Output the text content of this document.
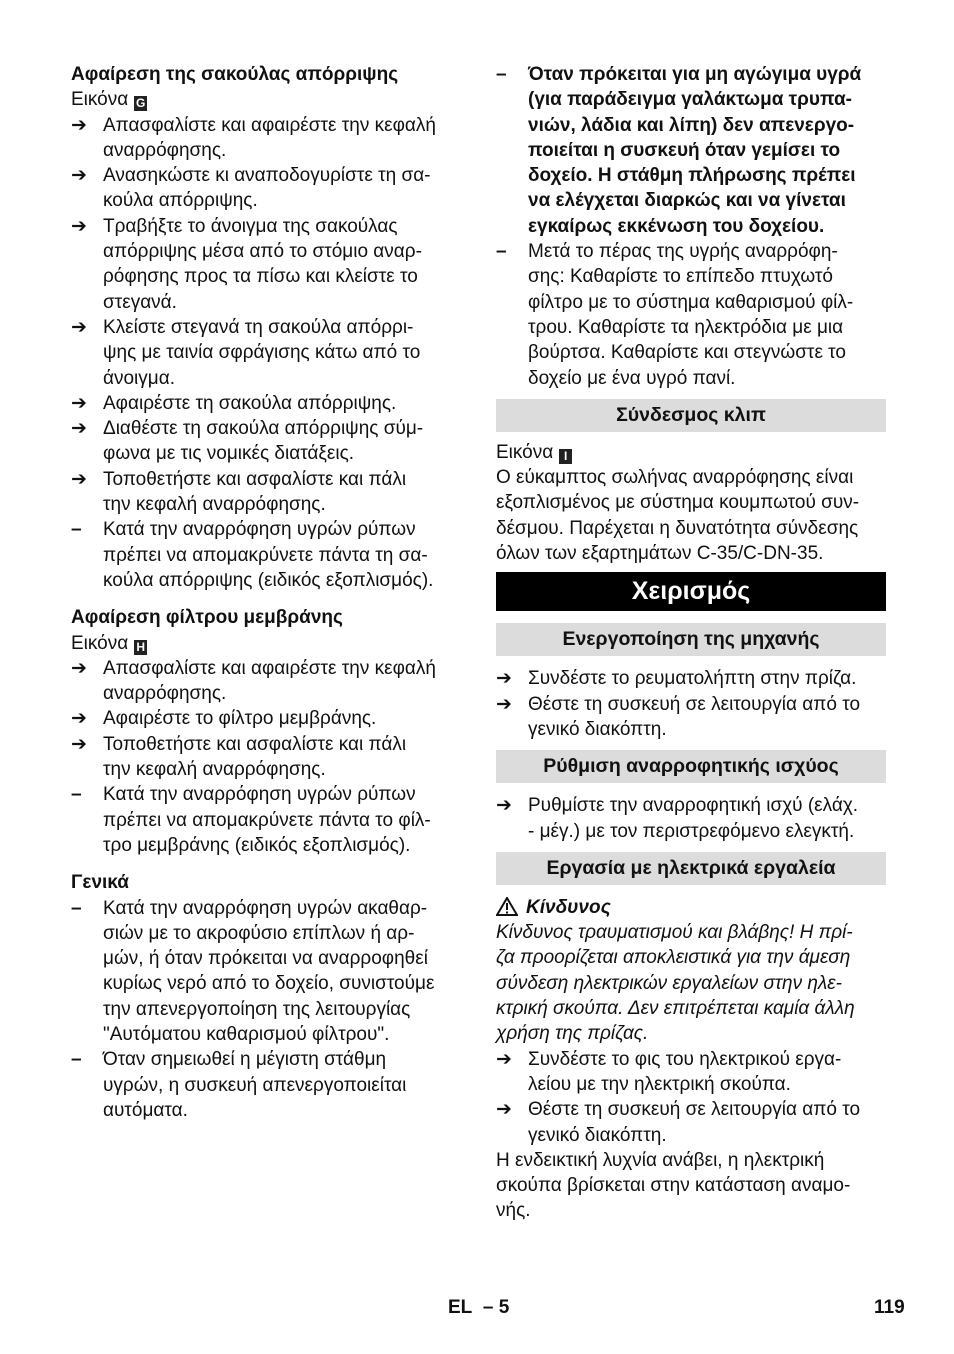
Αφαίρεση της σακούλας απόρριψης
Εικόνα G
➔ Απασφαλίστε και αφαιρέστε την κεφαλή
αναρρόφησης.
➔ Ανασηκώστε κι αναποδογυρίστε τη σα-
κούλα απόρριψης.
➔ Τραβήξτε το άνοιγμα της σακούλας
απόρριψης μέσα από το στόμιο αναρ-
ρόφησης προς τα πίσω και κλείστε το
στεγανά.
➔ Κλείστε στεγανά τη σακούλα απόρρι-
ψης με ταινία σφράγισης κάτω από το
άνοιγμα.
➔ Αφαιρέστε τη σακούλα απόρριψης.
➔ Διαθέστε τη σακούλα απόρριψης σύμ-
φωνα με τις νομικές διατάξεις.
➔ Τοποθετήστε και ασφαλίστε και πάλι
την κεφαλή αναρρόφησης.
–	Κατά την αναρρόφηση υγρών ρύπων
πρέπει να απομακρύνετε πάντα τη σα-
κούλα απόρριψης (ειδικός εξοπλισμός).
Αφαίρεση φίλτρου μεμβράνης
Εικόνα H
➔ Απασφαλίστε και αφαιρέστε την κεφαλή
αναρρόφησης.
➔ Αφαιρέστε το φίλτρο μεμβράνης.
➔ Τοποθετήστε και ασφαλίστε και πάλι
την κεφαλή αναρρόφησης.
–	Κατά την αναρρόφηση υγρών ρύπων
πρέπει να απομακρύνετε πάντα το φίλ-
τρο μεμβράνης (ειδικός εξοπλισμός).
Γενικά
–	Κατά την αναρρόφηση υγρών ακαθαρ-
σιών με το ακροφύσιο επίπλων ή αρ-
μών, ή όταν πρόκειται να αναρροφηθεί
κυρίως νερό από το δοχείο, συνιστούμε
την απενεργοποίηση της λειτουργίας
"Αυτόματου καθαρισμού φίλτρου".
–	Όταν σημειωθεί η μέγιστη στάθμη
υγρών, η συσκευή απενεργοποιείται
αυτόματα.
–	Όταν πρόκειται για μη αγώγιμα υγρά
(για παράδειγμα γαλάκτωμα τρυπα-
νιών, λάδια και λίπη) δεν απενεργο-
ποιείται η συσκευή όταν γεμίσει το
δοχείο. Η στάθμη πλήρωσης πρέπει
να ελέγχεται διαρκώς και να γίνεται
εγκαίρως εκκένωση του δοχείου.
–	Μετά το πέρας της υγρής αναρρόφη-
σης: Καθαρίστε το επίπεδο πτυχωτό
φίλτρο με το σύστημα καθαρισμού φίλ-
τρου. Καθαρίστε τα ηλεκτρόδια με μια
βούρτσα. Καθαρίστε και στεγνώστε το
δοχείο με ένα υγρό πανί.
Σύνδεσμος κλιπ
Εικόνα I
Ο εύκαμπτος σωλήνας αναρρόφησης είναι
εξοπλισμένος με σύστημα κουμπωτού συν-
δέσμου. Παρέχεται η δυνατότητα σύνδεσης
όλων των εξαρτημάτων C-35/C-DN-35.
Χειρισμός
Ενεργοποίηση της μηχανής
➔ Συνδέστε το ρευματολήπτη στην πρίζα.
➔ Θέστε τη συσκευή σε λειτουργία από το
γενικό διακόπτη.
Ρύθμιση αναρροφητικής ισχύος
➔ Ρυθμίστε την αναρροφητική ισχύ (ελάχ.
- μέγ.) με τον περιστρεφόμενο ελεγκτή.
Εργασία με ηλεκτρικά εργαλεία
Κίνδυνος
Κίνδυνος τραυματισμού και βλάβης! Η πρί-
ζα προορίζεται αποκλειστικά για την άμεση
σύνδεση ηλεκτρικών εργαλείων στην ηλε-
κτρική σκούπα. Δεν επιτρέπεται καμία άλλη
χρήση της πρίζας.
➔ Συνδέστε το φις του ηλεκτρικού εργα-
λείου με την ηλεκτρική σκούπα.
➔ Θέστε τη συσκευή σε λειτουργία από το
γενικό διακόπτη.
Η ενδεικτική λυχνία ανάβει, η ηλεκτρική
σκούπα βρίσκεται στην κατάσταση αναμο-
νής.
EL – 5	119
